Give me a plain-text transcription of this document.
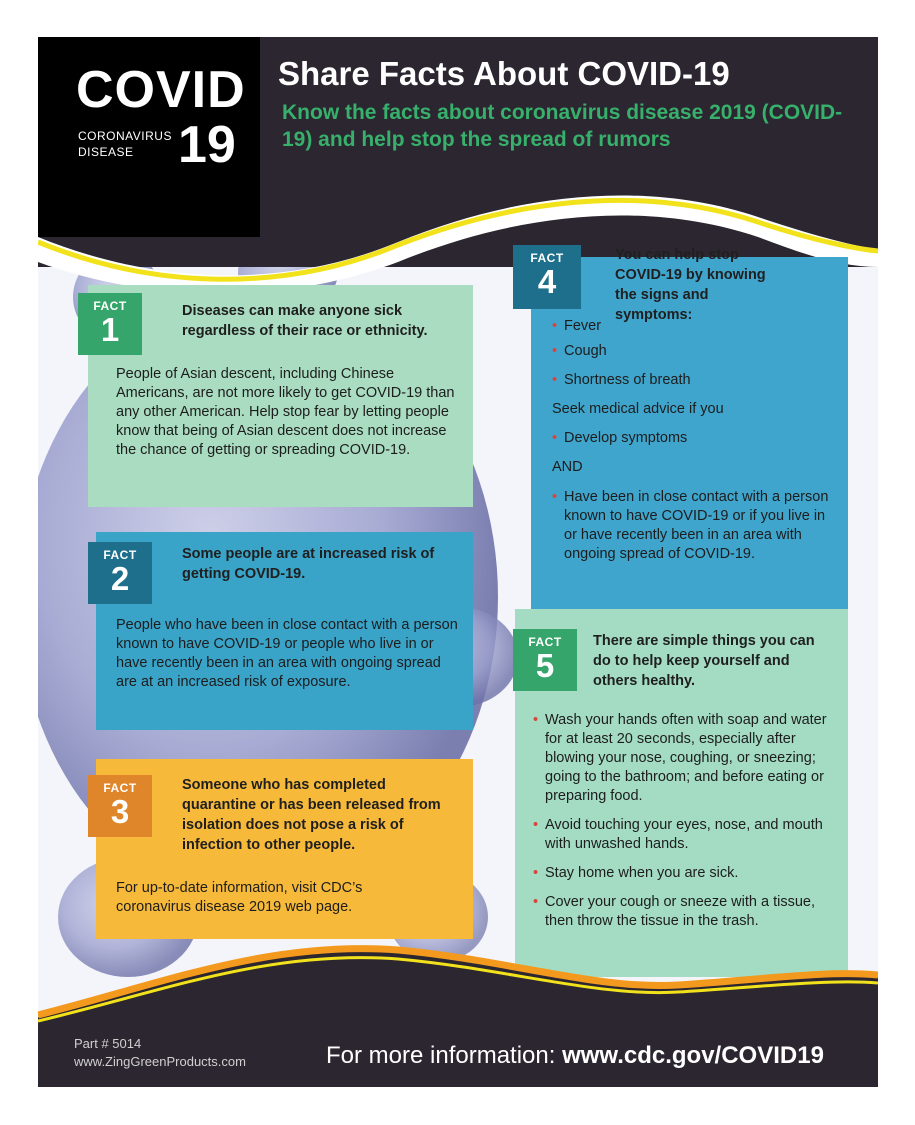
COVID
CORONAVIRUS DISEASE 19
Share Facts About COVID-19
Know the facts about coronavirus disease 2019 (COVID-19) and help stop the spread of rumors
FACT
1	Diseases can make anyone sick regardless of their race or ethnicity.
People of Asian descent, including Chinese Americans, are not more likely to get COVID-19 than any other American. Help stop fear by letting people know that being of Asian descent does not increase the chance of getting or spreading COVID-19.
FACT
2
Some people are at increased risk of getting COVID-19.
People who have been in close contact with a person known to have COVID-19 or people who live in or have recently been in an area with ongoing spread are at an increased risk of exposure.
FACT
3
Someone who has completed quarantine or has been released from isolation does not pose a risk of infection to other people.
For up-to-date information, visit CDC’s coronavirus disease 2019 web page.
FACT
4
You can help stop COVID-19 by knowing the signs and symptoms:
• Fever
• Cough
• Shortness of breath
Seek medical advice if you
• Develop symptoms
AND
• Have been in close contact with a person known to have COVID-19 or if you live in or have recently been in an area with ongoing spread of COVID-19.
FACT
5
There are simple things you can do to help keep yourself and others healthy.
• Wash your hands often with soap and water for at least 20 seconds, especially after blowing your nose, coughing, or sneezing; going to the bathroom; and before eating or preparing food.
• Avoid touching your eyes, nose, and mouth with unwashed hands.
• Stay home when you are sick.
• Cover your cough or sneeze with a tissue, then throw the tissue in the trash.
Part # 5014
www.ZingGreenProducts.com	For more information: www.cdc.gov/COVID19
